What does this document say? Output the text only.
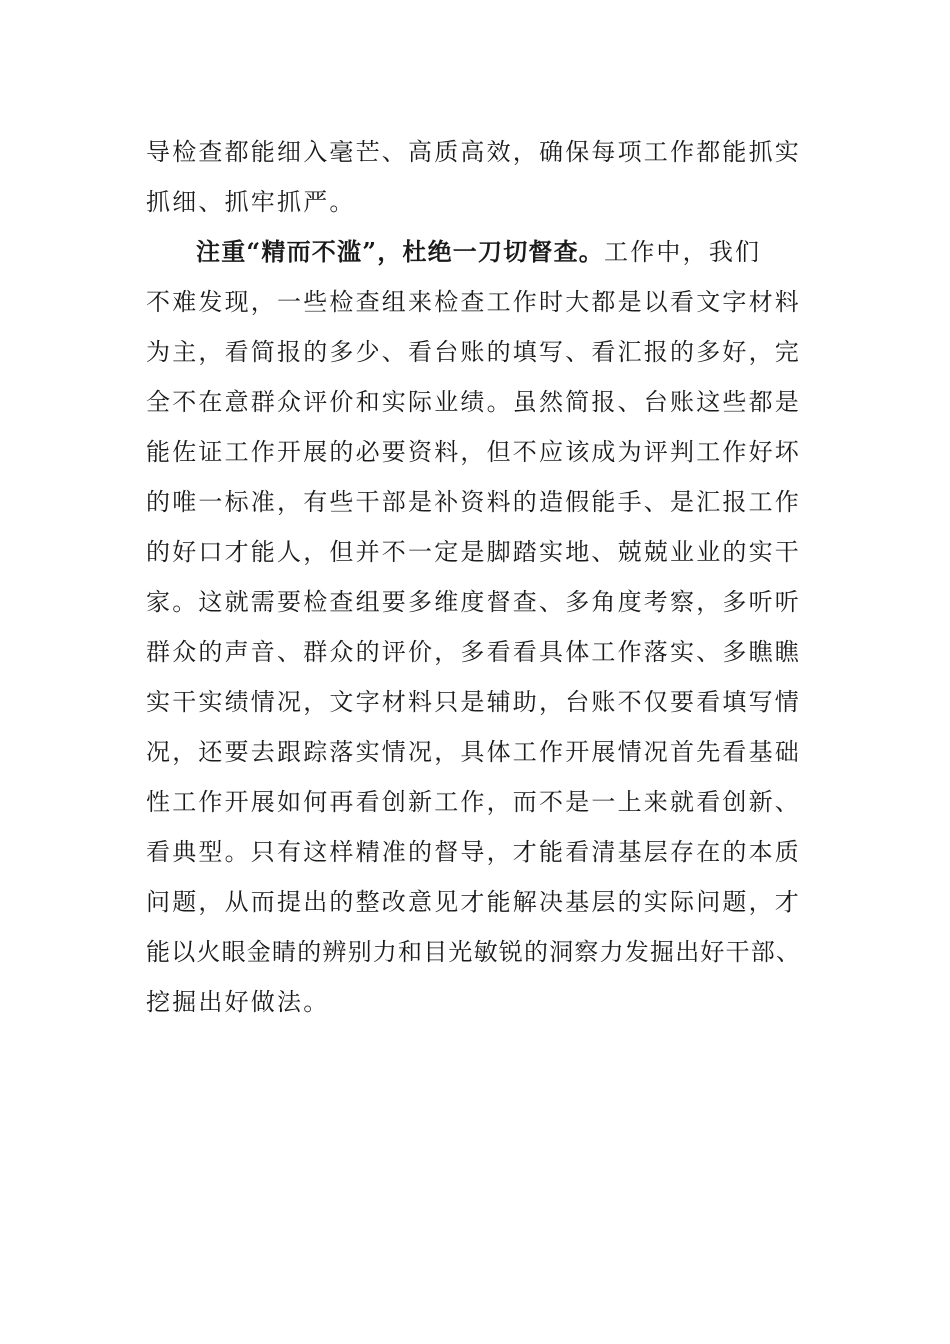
导检查都能细入毫芒、高质高效，确保每项工作都能抓实
抓细、抓牢抓严。
注重“精而不滥”，杜绝一刀切督查。工作中，我们
不难发现，一些检查组来检查工作时大都是以看文字材料
为主，看简报的多少、看台账的填写、看汇报的多好，完
全不在意群众评价和实际业绩。虽然简报、台账这些都是
能佐证工作开展的必要资料，但不应该成为评判工作好坏
的唯一标准，有些干部是补资料的造假能手、是汇报工作
的好口才能人，但并不一定是脚踏实地、兢兢业业的实干
家。这就需要检查组要多维度督查、多角度考察，多听听
群众的声音、群众的评价，多看看具体工作落实、多瞧瞧
实干实绩情况，文字材料只是辅助，台账不仅要看填写情
况，还要去跟踪落实情况，具体工作开展情况首先看基础
性工作开展如何再看创新工作，而不是一上来就看创新、
看典型。只有这样精准的督导，才能看清基层存在的本质
问题，从而提出的整改意见才能解决基层的实际问题，才
能以火眼金睛的辨别力和目光敏锐的洞察力发掘出好干部、
挖掘出好做法。
